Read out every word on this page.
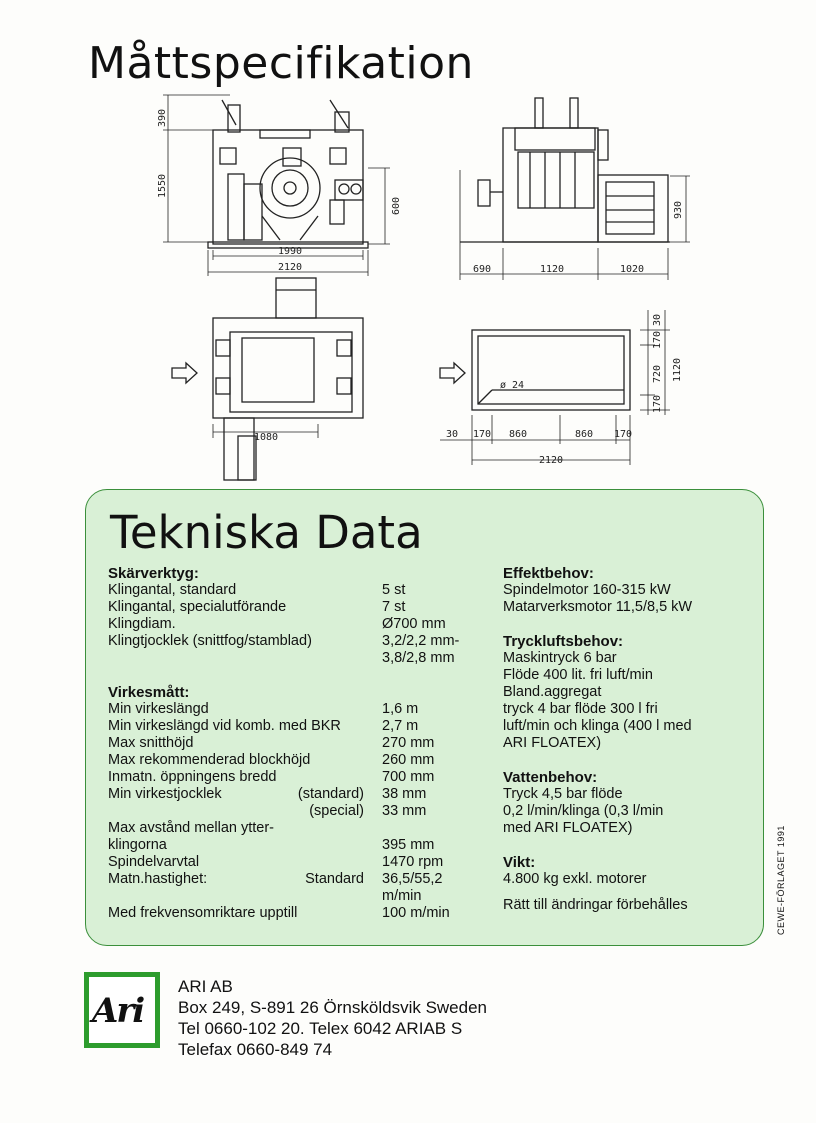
Måttspecifikation
390
1550
600
1990
2120
930
690	1120	1020
1080
ø 24
30 170 860	860 170
2120
30
170
720
170
1120
Tekniska Data
Skärverktyg:
Klingantal, standard	5 st
Klingantal, specialutförande	7 st
Klingdiam.	Ø700 mm
Klingtjocklek (snittfog/stamblad)	3,2/2,2 mm-
3,8/2,8 mm
Virkesmått:
Min virkeslängd	1,6 m
Min virkeslängd vid komb. med BKR	2,7 m
Max snitthöjd	270 mm
Max rekommenderad blockhöjd	260 mm
Inmatn. öppningens bredd	700 mm
Min virkestjocklek	(standard) 38 mm
(special)	33 mm
Max avstånd mellan ytter-
klingorna	395 mm
Spindelvarvtal	1470 rpm
Matn.hastighet:	Standard 36,5/55,2
m/min
Med frekvensomriktare upptill	100 m/min
Effektbehov:
Spindelmotor 160-315 kW
Matarverksmotor 11,5/8,5 kW
Tryckluftsbehov:
Maskintryck 6 bar
Flöde 400 lit. fri luft/min
Bland.aggregat
tryck 4 bar flöde 300 l fri
luft/min och klinga (400 l med
ARI FLOATEX)
Vattenbehov:
Tryck 4,5 bar flöde
0,2 l/min/klinga (0,3 l/min
med ARI FLOATEX)
Vikt:
4.800 kg exkl. motorer
Rätt till ändringar förbehålles	CEWE-FÖRLAGET 1991
Ari
ARI AB
Box 249, S-891 26 Örnsköldsvik Sweden
Tel 0660-102 20. Telex 6042 ARIAB S
Telefax 0660-849 74
